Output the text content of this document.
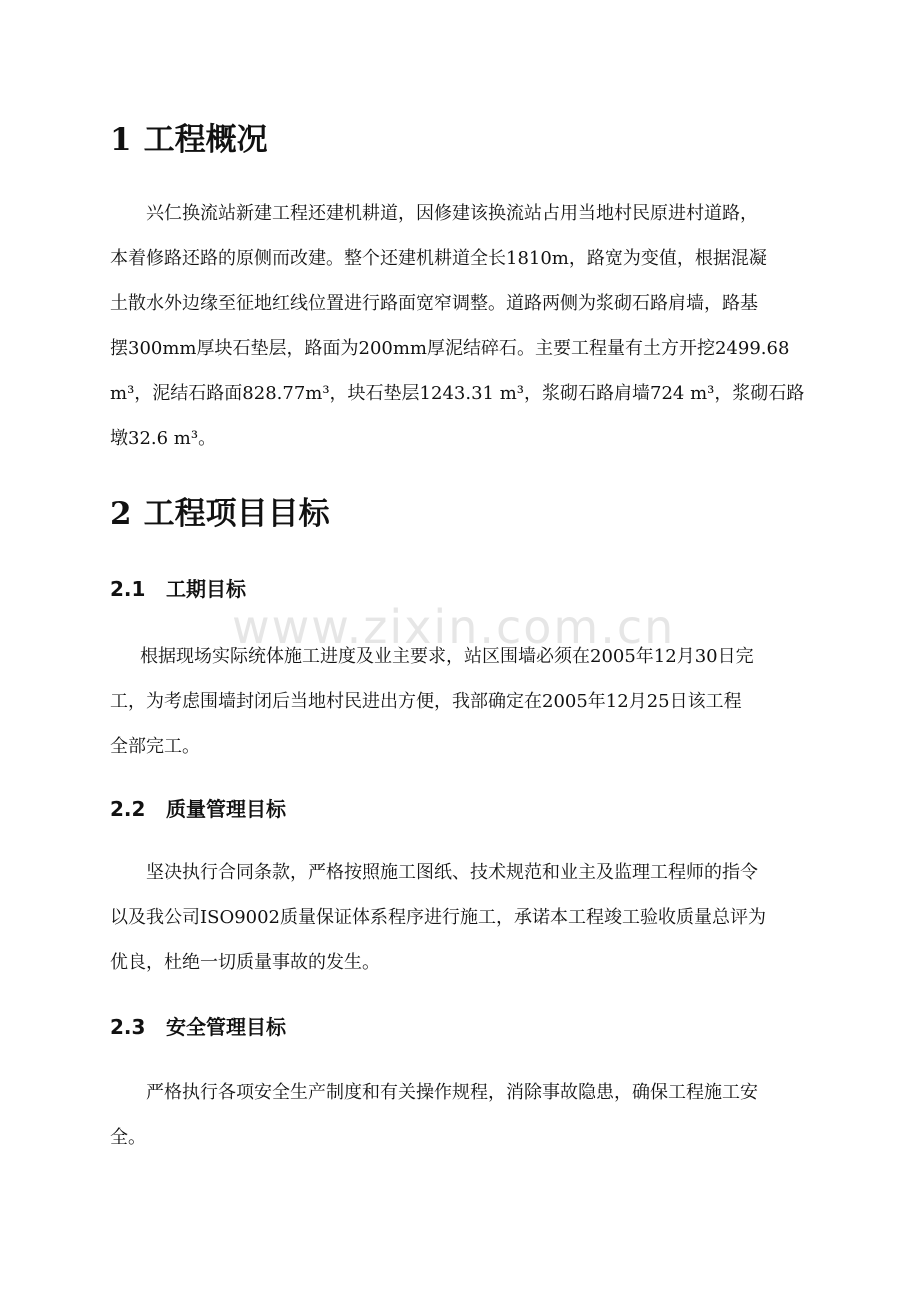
www.zixin.com.cn
1 工程概况
兴仁换流站新建工程还建机耕道，因修建该换流站占用当地村民原进村道路，
本着修路还路的原侧而改建。整个还建机耕道全长1810m，路宽为变值，根据混凝
土散水外边缘至征地红线位置进行路面宽窄调整。道路两侧为浆砌石路肩墙，路基
摆300mm厚块石垫层，路面为200mm厚泥结碎石。主要工程量有土方开挖2499.68
m³，泥结石路面828.77m³，块石垫层1243.31 m³，浆砌石路肩墙724 m³，浆砌石路
墩32.6 m³。
2 工程项目目标
2.1 工期目标
根据现场实际统体施工进度及业主要求，站区围墙必须在2005年12月30日完
工，为考虑围墙封闭后当地村民进出方便，我部确定在2005年12月25日该工程
全部完工。
2.2 质量管理目标
坚决执行合同条款，严格按照施工图纸、技术规范和业主及监理工程师的指令
以及我公司ISO9002质量保证体系程序进行施工，承诺本工程竣工验收质量总评为
优良，杜绝一切质量事故的发生。
2.3 安全管理目标
严格执行各项安全生产制度和有关操作规程，消除事故隐患，确保工程施工安
全。
